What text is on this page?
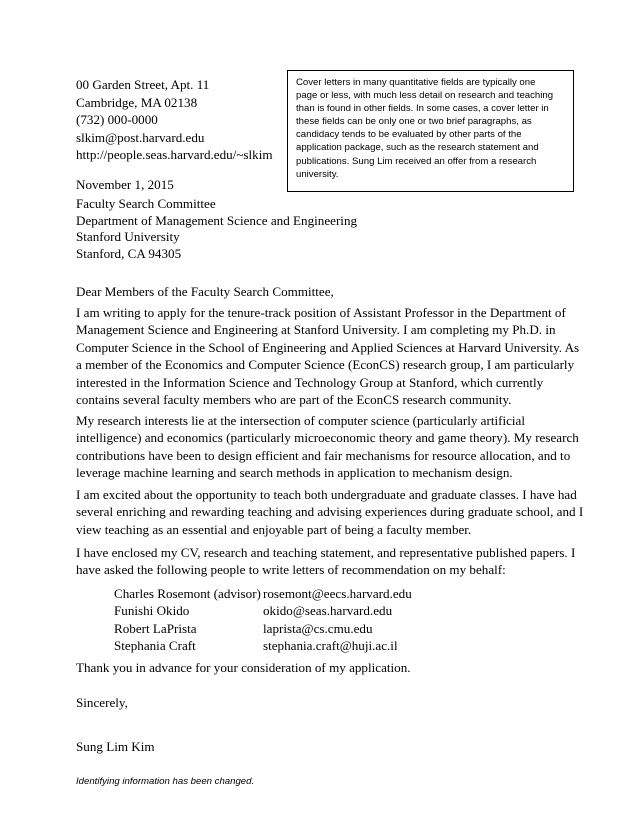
00 Garden Street, Apt. 11
Cambridge, MA 02138
(732) 000-0000
slkim@post.harvard.edu
http://people.seas.harvard.edu/~slkim
Cover letters in many quantitative fields are typically one
page or less, with much less detail on research and teaching
than is found in other fields. In some cases, a cover letter in
these fields can be only one or two brief paragraphs, as
candidacy tends to be evaluated by other parts of the
application package, such as the research statement and
publications. Sung Lim received an offer from a research
university.
November 1, 2015
Faculty Search Committee
Department of Management Science and Engineering
Stanford University
Stanford, CA 94305
Dear Members of the Faculty Search Committee,
I am writing to apply for the tenure-track position of Assistant Professor in the Department of
Management Science and Engineering at Stanford University. I am completing my Ph.D. in
Computer Science in the School of Engineering and Applied Sciences at Harvard University. As
a member of the Economics and Computer Science (EconCS) research group, I am particularly
interested in the Information Science and Technology Group at Stanford, which currently
contains several faculty members who are part of the EconCS research community.
My research interests lie at the intersection of computer science (particularly artificial
intelligence) and economics (particularly microeconomic theory and game theory). My research
contributions have been to design efficient and fair mechanisms for resource allocation, and to
leverage machine learning and search methods in application to mechanism design.
I am excited about the opportunity to teach both undergraduate and graduate classes. I have had
several enriching and rewarding teaching and advising experiences during graduate school, and I
view teaching as an essential and enjoyable part of being a faculty member.
I have enclosed my CV, research and teaching statement, and representative published papers. I
have asked the following people to write letters of recommendation on my behalf:
Charles Rosemont (advisor)	rosemont@eecs.harvard.edu
Funishi Okido	okido@seas.harvard.edu
Robert LaPrista	laprista@cs.cmu.edu
Stephania Craft	stephania.craft@huji.ac.il
Thank you in advance for your consideration of my application.
Sincerely,
Sung Lim Kim
Identifying information has been changed.
